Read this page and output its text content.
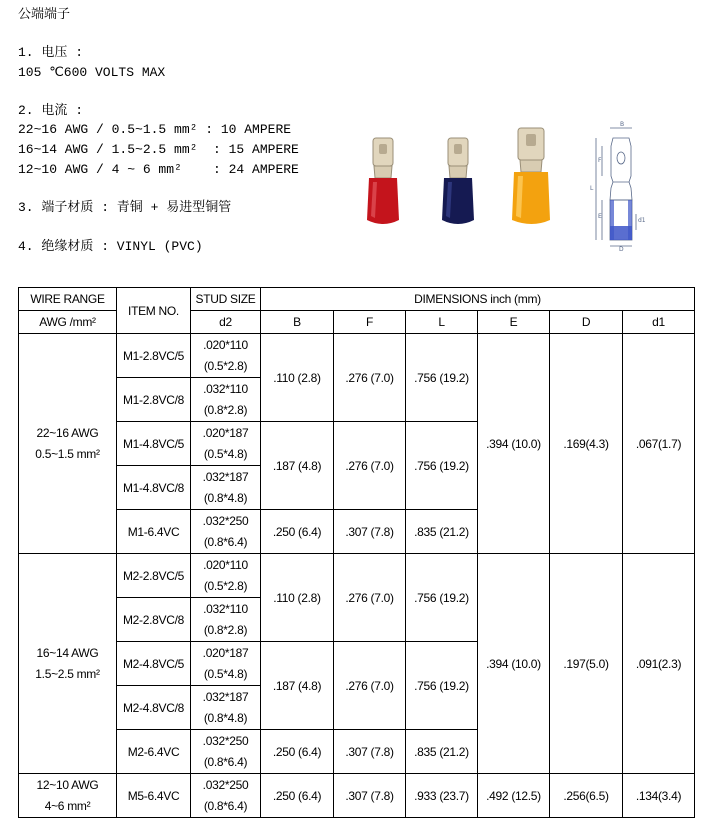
公端端子
1. 电压 :
105 ℃600 VOLTS MAX
2. 电流 :
22~16 AWG / 0.5~1.5 mm² : 10 AMPERE
16~14 AWG / 1.5~2.5 mm²  : 15 AMPERE
12~10 AWG / 4 ~ 6 mm²    : 24 AMPERE
3. 端子材质 : 青铜 + 易进型铜管
4. 绝缘材质 : VINYL (PVC)
B
F
L
E
d1
D
WIRE RANGE	ITEM NO.	STUD SIZE	DIMENSIONS inch (mm)					
AWG /mm²		d2	B	F	L	E	D	d1

22~16 AWG
0.5~1.5 mm²	M1-2.8VC/5	.020*110
(0.5*2.8)	.110 (2.8)	.276 (7.0)	.756 (19.2)	.394 (10.0)	.169(4.3)	.067(1.7)
	M1-2.8VC/8	.032*110
(0.8*2.8)						

	M1-4.8VC/5	.020*187
(0.5*4.8)	.187 (4.8)	.276 (7.0)	.756 (19.2)			
	M1-4.8VC/8	.032*187
(0.8*4.8)						

	M1-6.4VC	.032*250
(0.8*6.4)	.250 (6.4)	.307 (7.8)	.835 (21.2)			

16~14 AWG
1.5~2.5 mm²	M2-2.8VC/5	.020*110
(0.5*2.8)	.110 (2.8)	.276 (7.0)	.756 (19.2)	.394 (10.0)	.197(5.0)	.091(2.3)
	M2-2.8VC/8	.032*110
(0.8*2.8)						

	M2-4.8VC/5	.020*187
(0.5*4.8)	.187 (4.8)	.276 (7.0)	.756 (19.2)			
	M2-4.8VC/8	.032*187
(0.8*4.8)						

	M2-6.4VC	.032*250
(0.8*6.4)	.250 (6.4)	.307 (7.8)	.835 (21.2)			

12~10 AWG
4~6 mm²	M5-6.4VC	.032*250
(0.8*6.4)	.250 (6.4)	.307 (7.8)	.933 (23.7)	.492 (12.5)	.256(6.5)	.134(3.4)
